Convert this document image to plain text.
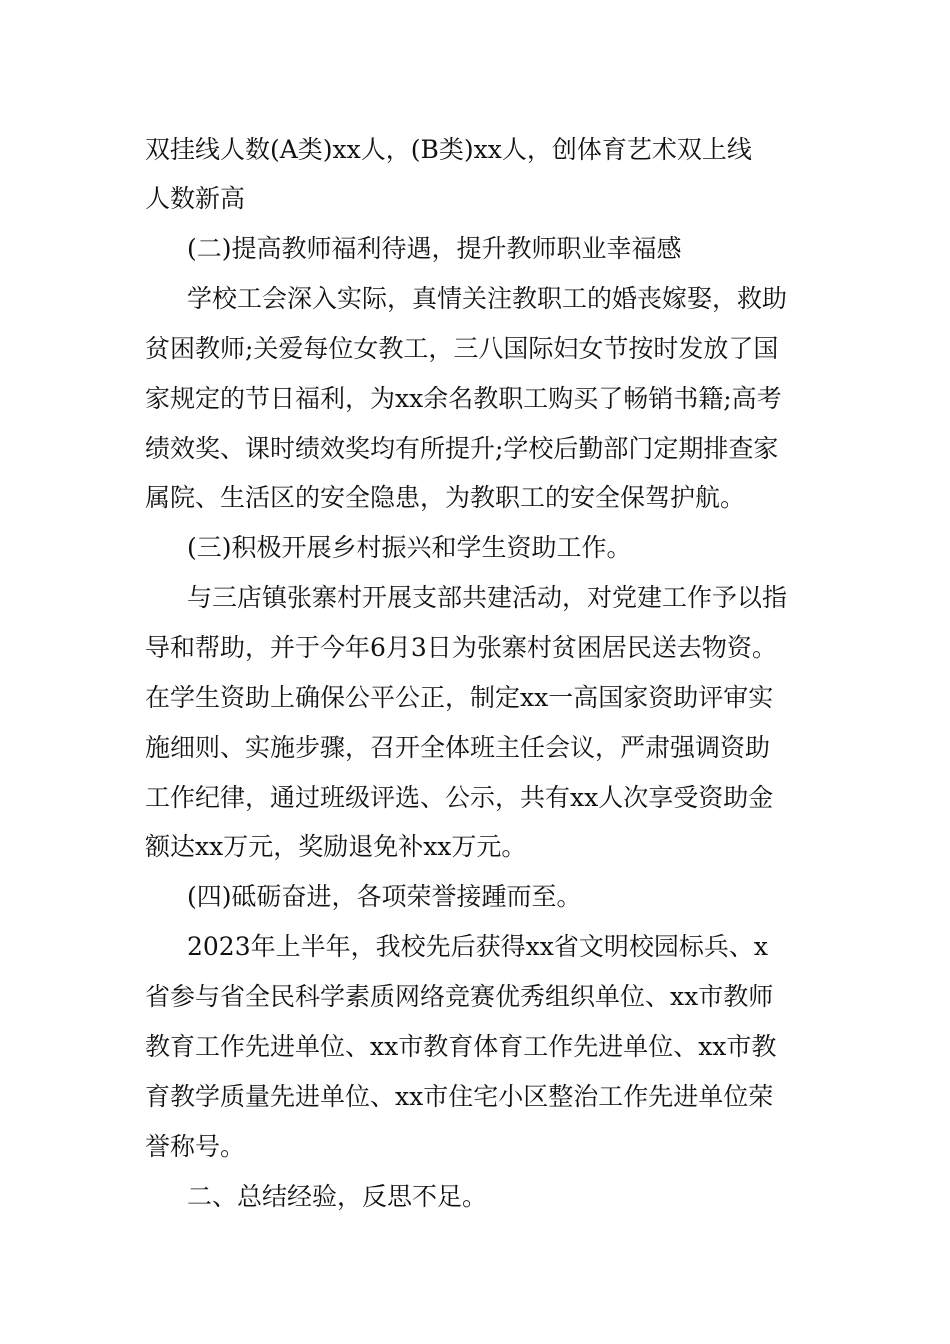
双挂线人数(A类)xx人，(B类)xx人，创体育艺术双上线
人数新高
(二)提高教师福利待遇，提升教师职业幸福感
学校工会深入实际，真情关注教职工的婚丧嫁娶，救助
贫困教师;关爱每位女教工，三八国际妇女节按时发放了国
家规定的节日福利，为xx余名教职工购买了畅销书籍;高考
绩效奖、课时绩效奖均有所提升;学校后勤部门定期排查家
属院、生活区的安全隐患，为教职工的安全保驾护航。
(三)积极开展乡村振兴和学生资助工作。
与三店镇张寨村开展支部共建活动，对党建工作予以指
导和帮助，并于今年6月3日为张寨村贫困居民送去物资。
在学生资助上确保公平公正，制定xx一高国家资助评审实
施细则、实施步骤，召开全体班主任会议，严肃强调资助
工作纪律，通过班级评选、公示，共有xx人次享受资助金
额达xx万元，奖励退免补xx万元。
(四)砥砺奋进，各项荣誉接踵而至。
2023年上半年，我校先后获得xx省文明校园标兵、x
省参与省全民科学素质网络竞赛优秀组织单位、xx市教师
教育工作先进单位、xx市教育体育工作先进单位、xx市教
育教学质量先进单位、xx市住宅小区整治工作先进单位荣
誉称号。
二、总结经验，反思不足。
